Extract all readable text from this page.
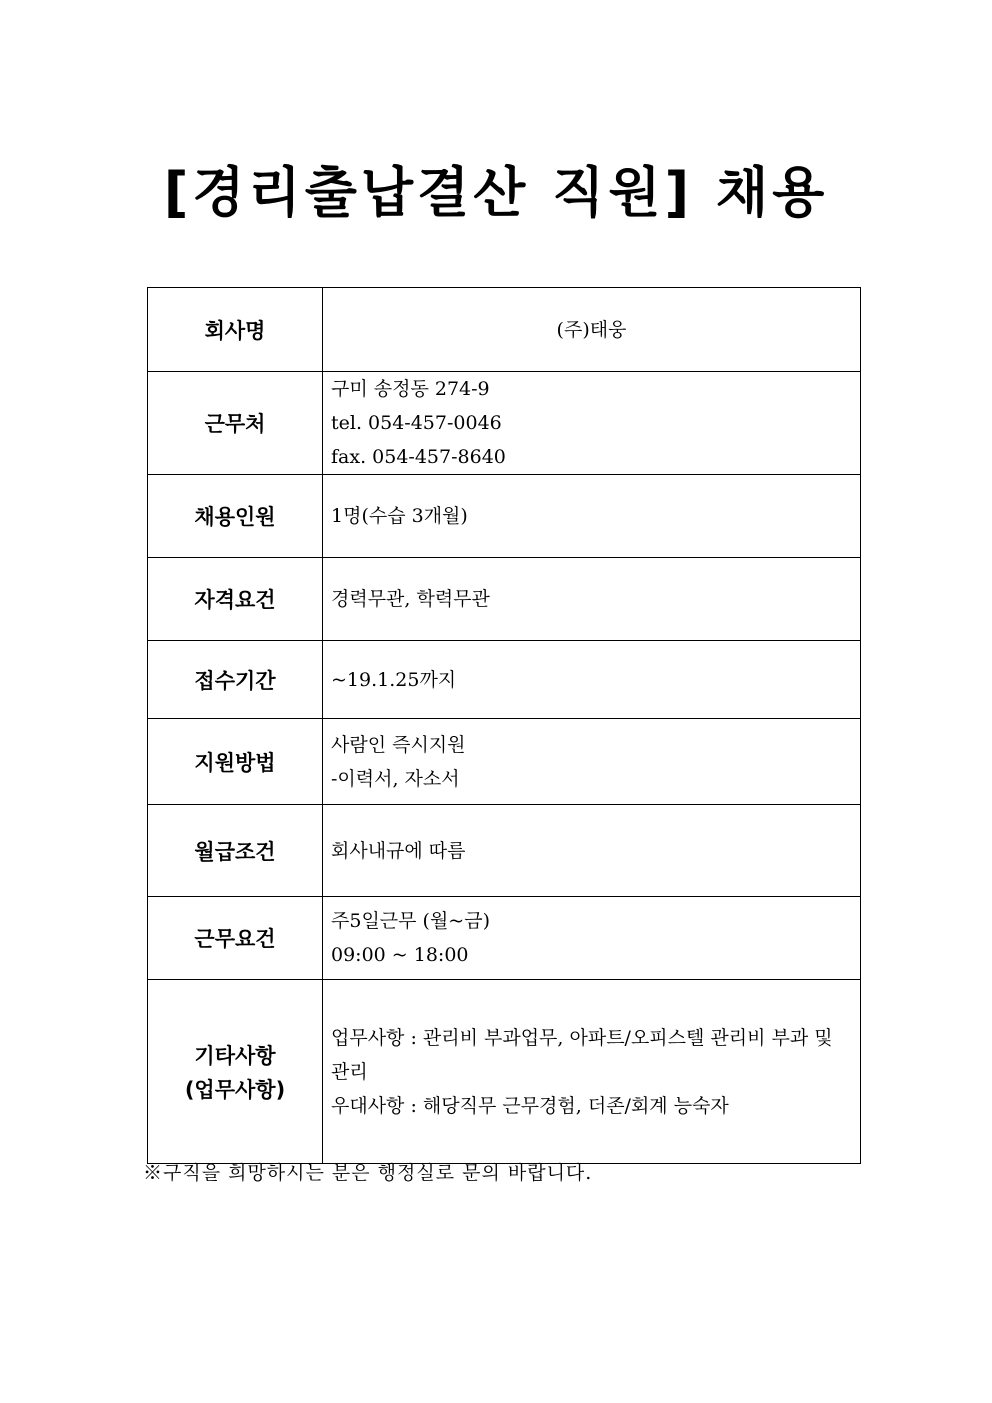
[경리출납결산 직원] 채용
회사명	(주)태웅

근무처	구미 송정동 274-9
tel. 054-457-0046
fax. 054-457-8640

채용인원	1명(수습 3개월)

자격요건	경력무관, 학력무관

접수기간	~19.1.25까지

지원방법	사람인 즉시지원
-이력서, 자소서

월급조건	회사내규에 따름

근무요건	주5일근무 (월~금)
09:00 ~ 18:00

기타사항
(업무사항)	업무사항 : 관리비 부과업무, 아파트/오피스텔 관리비 부과 및 관리
우대사항 : 해당직무 근무경험, 더존/회계 능숙자

※구직을 희망하시는 분은 행정실로 문의 바랍니다.
